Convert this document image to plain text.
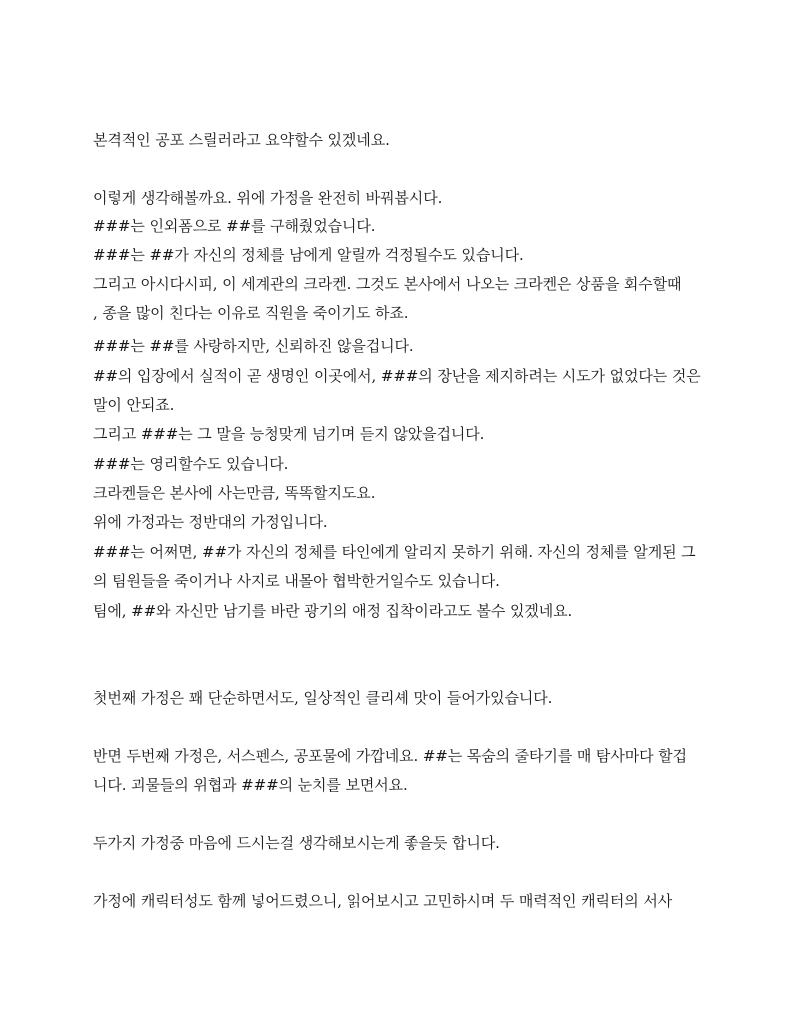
본격적인 공포 스릴러라고 요약할수 있겠네요.
이렇게 생각해볼까요. 위에 가정을 완전히 바꿔봅시다.
###는 인외폼으로 ##를 구해줬었습니다.
###는 ##가 자신의 정체를 남에게 알릴까 걱정될수도 있습니다.
그리고 아시다시피, 이 세계관의 크라켄. 그것도 본사에서 나오는 크라켄은 상품을 회수할때
, 종을 많이 친다는 이유로 직원을 죽이기도 하죠.
###는 ##를 사랑하지만, 신뢰하진 않을겁니다.
##의 입장에서 실적이 곧 생명인 이곳에서, ###의 장난을 제지하려는 시도가 없었다는 것은
말이 안되죠.
그리고 ###는 그 말을 능청맞게 넘기며 듣지 않았을겁니다.
###는 영리할수도 있습니다.
크라켄들은 본사에 사는만큼, 똑똑할지도요.
위에 가정과는 정반대의 가정입니다.
###는 어쩌면, ##가 자신의 정체를 타인에게 알리지 못하기 위해. 자신의 정체를 알게된 그
의 팀원들을 죽이거나 사지로 내몰아 협박한거일수도 있습니다.
팀에, ##와 자신만 남기를 바란 광기의 애정 집착이라고도 볼수 있겠네요.
첫번째 가정은 꽤 단순하면서도, 일상적인 클리셰 맛이 들어가있습니다.
반면 두번째 가정은, 서스펜스, 공포물에 가깝네요. ##는 목숨의 줄타기를 매 탐사마다 할겁
니다. 괴물들의 위협과 ###의 눈치를 보면서요.
두가지 가정중 마음에 드시는걸 생각해보시는게 좋을듯 합니다.
가정에 캐릭터성도 함께 넣어드렸으니, 읽어보시고 고민하시며 두 매력적인 캐릭터의 서사
